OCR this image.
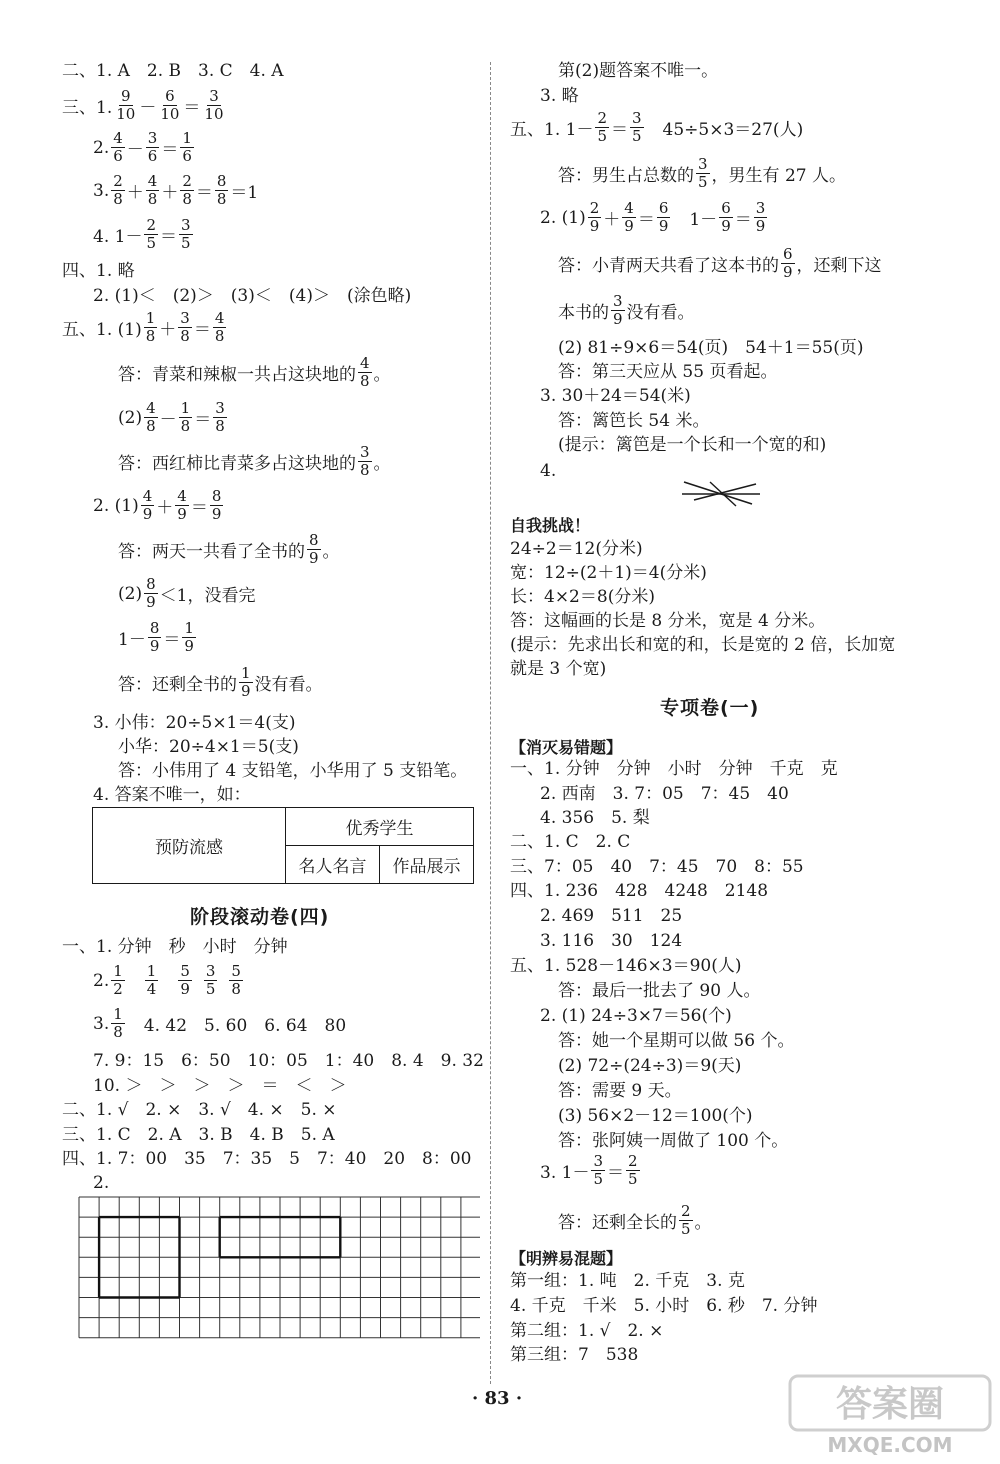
二、1. A　2. B　3. C　4. A
三、1. $\frac{9}{10} - \frac{6}{10} = \frac{3}{10}$
2. $\frac{4}{6} - \frac{3}{6} = \frac{1}{6}$
3. $\frac{2}{8} + \frac{4}{8} + \frac{2}{8} = \frac{8}{8} =1$
4. $1- \frac{2}{5} = \frac{3}{5}$
四、1. 略
2. (1)＜　(2)＞　(3)＜　(4)＞　(涂色略)
五、1. $(1) \frac{1}{8} + \frac{3}{8} = \frac{4}{8}$
答：青菜和辣椒一共占这块地的 $\frac{4}{8}$ 。
$(2) \frac{4}{8} - \frac{1}{8} = \frac{3}{8}$
答：西红柿比青菜多占这块地的 $\frac{3}{8}$ 。
2. $(1) \frac{4}{9} + \frac{4}{9} = \frac{8}{9}$
答：两天一共看了全书的 $\frac{8}{9}$ 。
$(2) \frac{8}{9} <1$，没看完
$1- \frac{8}{9} = \frac{1}{9}$
答：还剩全书的 $\frac{1}{9}$ 没有看。
3. 小伟：20÷5×1＝4(支)
小华：20÷4×1＝5(支)
答：小伟用了 4 支铅笔，小华用了 5 支铅笔。
4. 答案不唯一，如：
预防流感	优秀学生	
	名人名言	作品展示
阶段滚动卷(四)
一、1. 分钟　秒　小时　分钟
2. $\frac{1}{2} \frac{1}{4} \frac{5}{9} \frac{3}{5} \frac{5}{8}$
3. $\frac{1}{8}$ 　4. 42　5. 60　6. 64　80
7. 9：15　6：50　10：05　1：40　8. 4　9. 32
10. ＞　＞　＞　＞　＝　＜　＞
二、1. √　2. ×　3. √　4. ×　5. ×
三、1. C　2. A　3. B　4. B　5. A
四、1. 7：00　35　7：35　5　7：40　20　8：00
2.
第(2)题答案不唯一。
3. 略
五、1. $1- \frac{2}{5} = \frac{3}{5}$ 　45÷5×3＝27(人)
答：男生占总数的 $\frac{3}{5}$ ，男生有 27 人。
2. $(1) \frac{2}{9} + \frac{4}{9} = \frac{6}{9}$ 　$1- \frac{6}{9} = \frac{3}{9}$
答：小青两天共看了这本书的 $\frac{6}{9}$ ，还剩下这
本书的 $\frac{3}{9}$ 没有看。
(2) 81÷9×6＝54(页)　54＋1＝55(页)
答：第三天应从 55 页看起。
3. 30＋24＝54(米)
答：篱笆长 54 米。
(提示：篱笆是一个长和一个宽的和)
4.
自我挑战！
24÷2＝12(分米)
宽：12÷(2＋1)＝4(分米)
长：4×2＝8(分米)
答：这幅画的长是 8 分米，宽是 4 分米。
(提示：先求出长和宽的和，长是宽的 2 倍，长加宽
就是 3 个宽)
专项卷(一)
【消灭易错题】
一、1. 分钟　分钟　小时　分钟　千克　克
2. 西南　3. 7：05　7：45　40
4. 356　5. 梨
二、1. C　2. C
三、7：05　40　7：45　70　8：55
四、1. 236　428　4248　2148
2. 469　511　25
3. 116　30　124
五、1. 528－146×3＝90(人)
答：最后一批去了 90 人。
2. (1) 24÷3×7＝56(个)
答：她一个星期可以做 56 个。
(2) 72÷(24÷3)＝9(天)
答：需要 9 天。
(3) 56×2－12＝100(个)
答：张阿姨一周做了 100 个。
3. $1- \frac{3}{5} = \frac{2}{5}$
答：还剩全长的 $\frac{2}{5}$ 。
【明辨易混题】
第一组：1. 吨　2. 千克　3. 克
4. 千克　千米　5. 小时　6. 秒　7. 分钟
第二组：1. √　2. ×
第三组：7　538
· 83 ·	答案圈
MXQE.COM
